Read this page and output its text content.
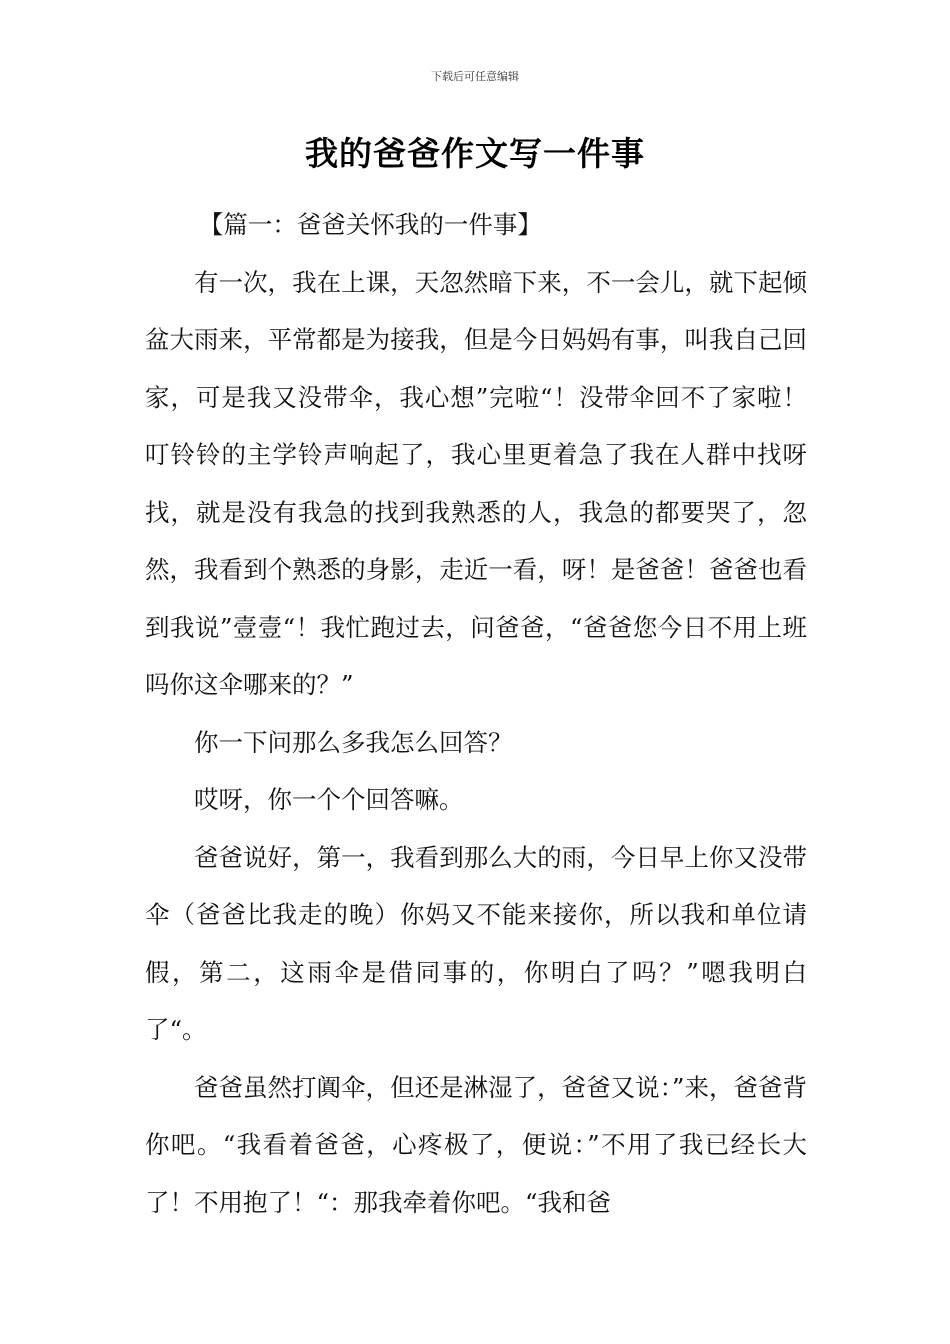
下载后可任意编辑
我的爸爸作文写一件事

【篇一：爸爸关怀我的一件事】

有一次，我在上课，天忽然暗下来，不一会儿，就下起倾盆大雨来，平常都是为接我，但是今日妈妈有事，叫我自己回家，可是我又没带伞，我心想”完啦“！没带伞回不了家啦！叮铃铃的主学铃声响起了，我心里更着急了我在人群中找呀找，就是没有我急的找到我熟悉的人，我急的都要哭了，忽然，我看到个熟悉的身影，走近一看，呀！是爸爸！爸爸也看到我说”壹壹“！我忙跑过去，问爸爸，“爸爸您今日不用上班吗你这伞哪来的？”

你一下问那么多我怎么回答？

哎呀，你一个个回答嘛。

爸爸说好，第一，我看到那么大的雨，今日早上你又没带伞（爸爸比我走的晚）你妈又不能来接你，所以我和单位请假，第二，这雨伞是借同事的，你明白了吗？”嗯我明白了“。

爸爸虽然打阗伞，但还是淋湿了，爸爸又说：”来，爸爸背你吧。“我看着爸爸，心疼极了，便说：”不用了我已经长大了！不用抱了！“：那我牵着你吧。“我和爸
